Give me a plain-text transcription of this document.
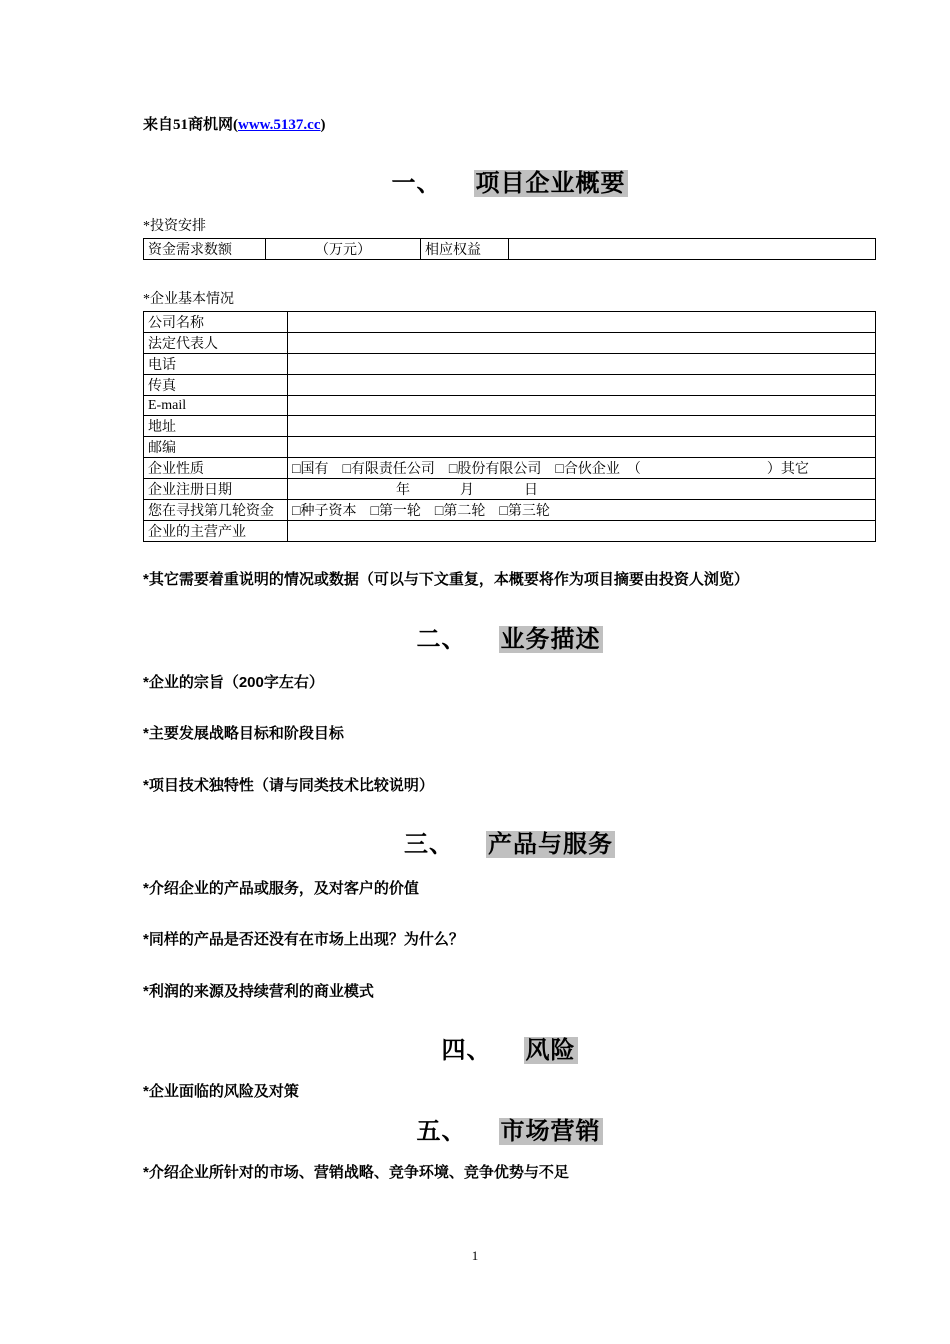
来自51商机网(www.5137.cc)

一、 项目企业概要

*投资安排

资金需求数额	（万元）	相应权益	

*企业基本情况

公司名称	
法定代表人	
电话	
传真	
E-mail	
地址	
邮编	
企业性质	□国有　□有限责任公司　□股份有限公司　□合伙企业　（　　　　　　　　　）其它
企业注册日期	年　　　月　　　日
您在寻找第几轮资金	□种子资本　□第一轮　□第二轮　□第三轮
企业的主营产业	

*其它需要着重说明的情况或数据（可以与下文重复，本概要将作为项目摘要由投资人浏览）

二、 业务描述

*企业的宗旨（200字左右）

*主要发展战略目标和阶段目标

*项目技术独特性（请与同类技术比较说明）

三、 产品与服务

*介绍企业的产品或服务，及对客户的价值

*同样的产品是否还没有在市场上出现？为什么？

*利润的来源及持续营利的商业模式

四、 风险

*企业面临的风险及对策

五、 市场营销

*介绍企业所针对的市场、营销战略、竞争环境、竞争优势与不足

1
